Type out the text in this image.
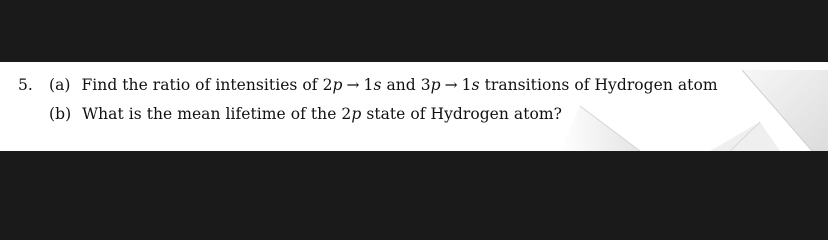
5. (a) Find the ratio of intensities of 2p → 1s and 3p → 1s transitions of Hydrogen atom
(b) What is the mean lifetime of the 2p state of Hydrogen atom?
